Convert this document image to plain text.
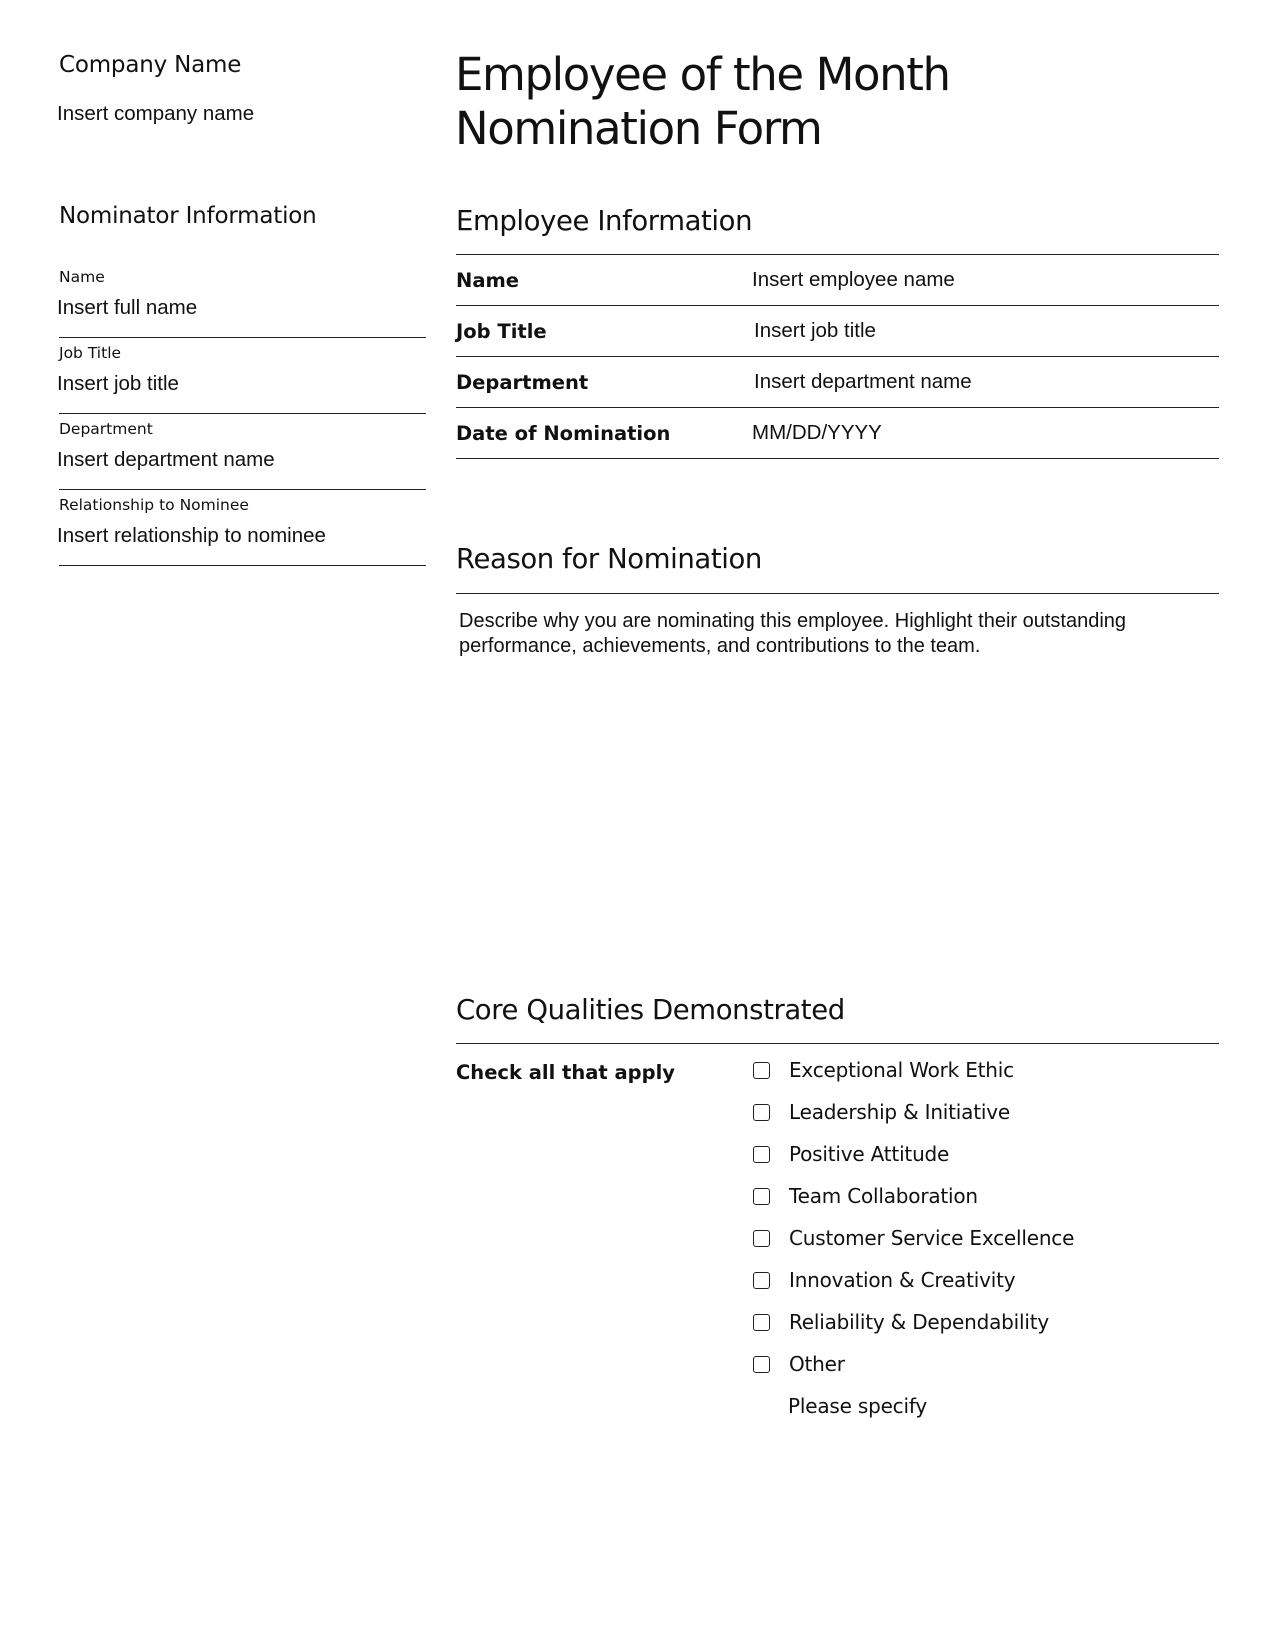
Company Name
Insert company name
Nominator Information
Name
Insert full name
Job Title
Insert job title
Department
Insert department name
Relationship to Nominee
Insert relationship to nominee
Employee of the Month
Nomination Form
Employee Information
Name	Insert employee name
Job Title	Insert job title
Department	Insert department name
Date of Nomination	MM/DD/YYYY
Reason for Nomination
Describe why you are nominating this employee. Highlight their outstanding performance, achievements, and contributions to the team.
Core Qualities Demonstrated
Check all that apply	Exceptional Work Ethic
Leadership & Initiative
Positive Attitude
Team Collaboration
Customer Service Excellence
Innovation & Creativity
Reliability & Dependability
Other
Please specify
